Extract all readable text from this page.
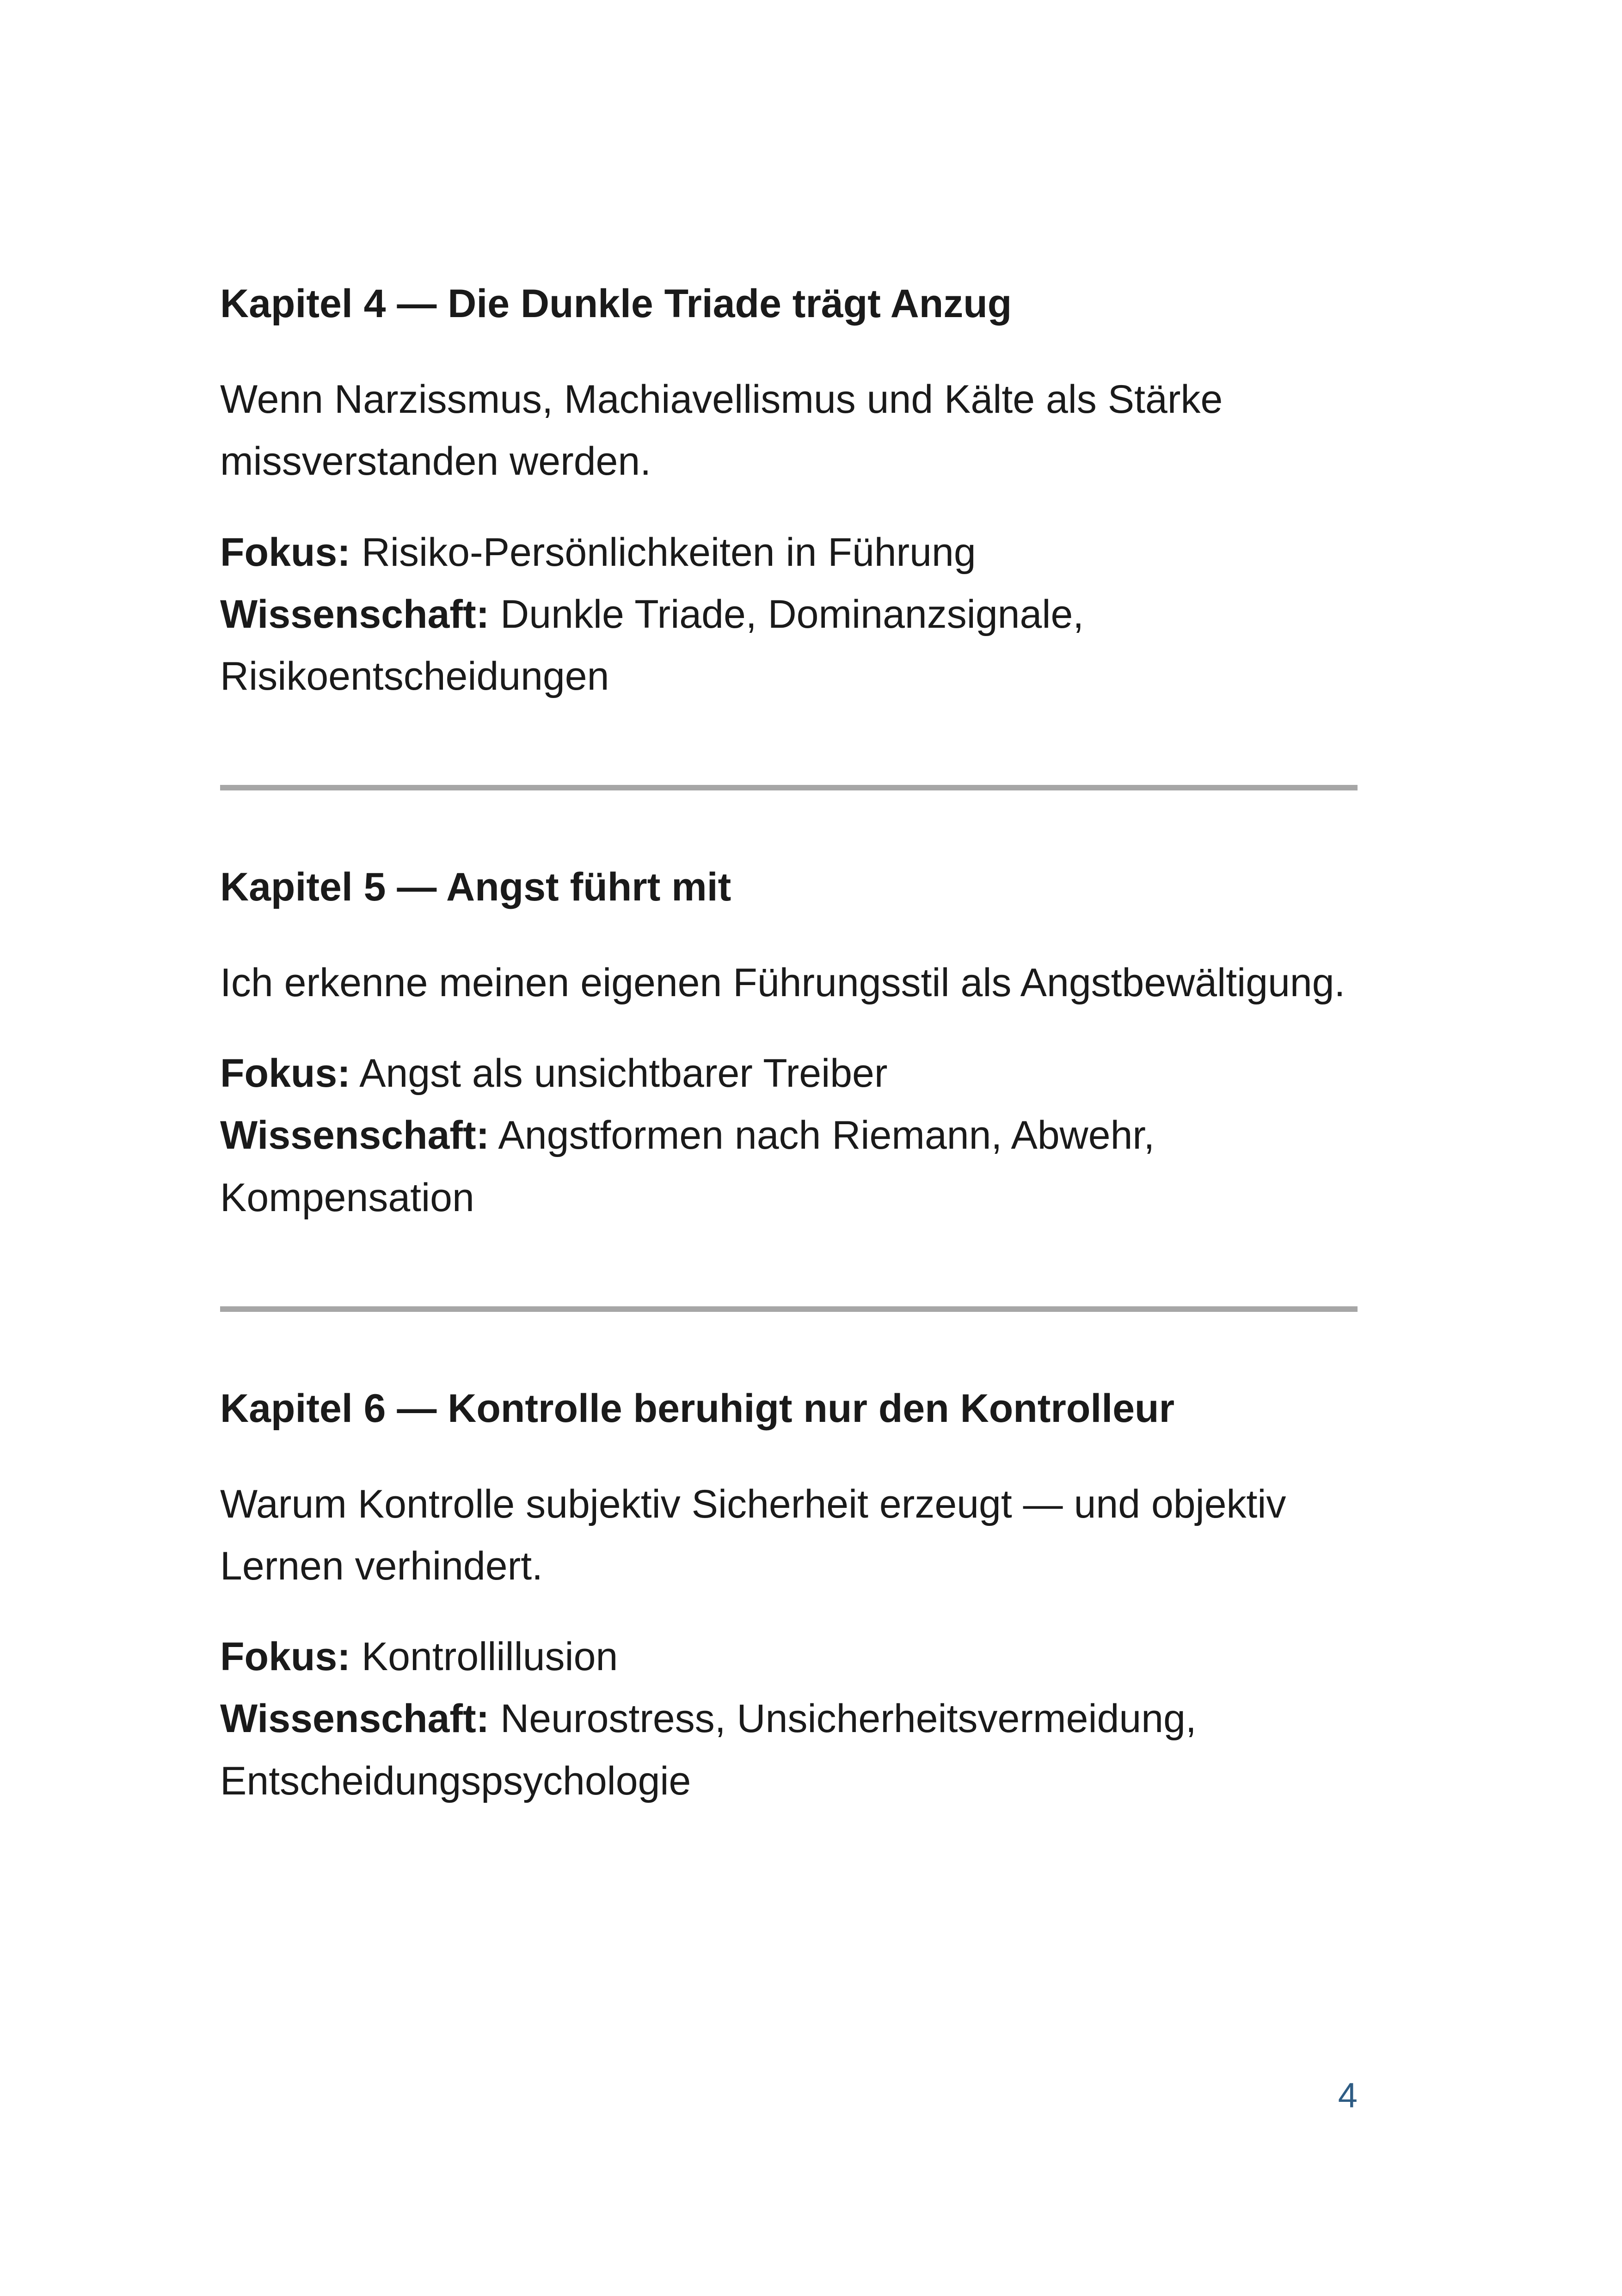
Kapitel 4 — Die Dunkle Triade trägt Anzug

Wenn Narzissmus, Machiavellismus und Kälte als Stärke missverstanden werden.

Fokus: Risiko-Persönlichkeiten in Führung
Wissenschaft: Dunkle Triade, Dominanzsignale, Risikoentscheidungen

Kapitel 5 — Angst führt mit

Ich erkenne meinen eigenen Führungsstil als Angstbewältigung.

Fokus: Angst als unsichtbarer Treiber
Wissenschaft: Angstformen nach Riemann, Abwehr, Kompensation

Kapitel 6 — Kontrolle beruhigt nur den Kontrolleur

Warum Kontrolle subjektiv Sicherheit erzeugt — und objektiv Lernen verhindert.

Fokus: Kontrollillusion
Wissenschaft: Neurostress, Unsicherheitsvermeidung, Entscheidungspsychologie

4
